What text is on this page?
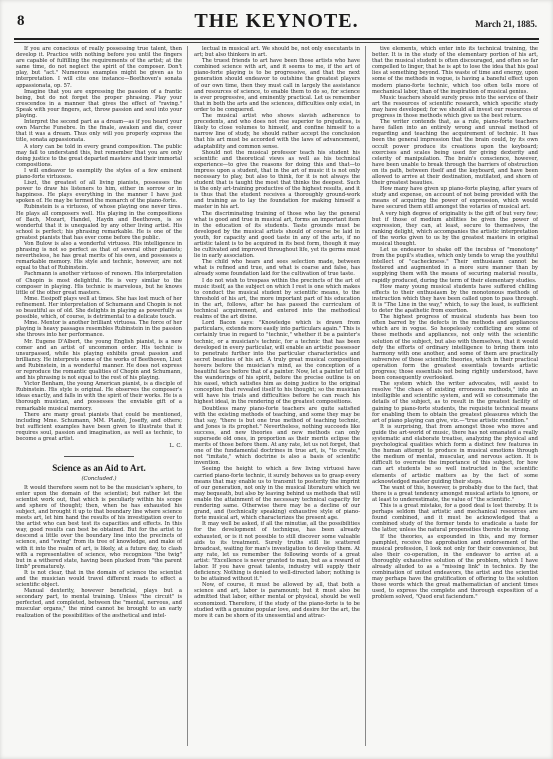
8	THE KEYNOTE.	March 21, 1885.

If you are conscious of really possessing true talent, then develop it. Practice with nothing before you until the fingers are capable of fulfilling the requirements of the artist; at the same time, do not neglect the spirit of the composer. Don't play, but "act." Numerous examples might be given as to interpretation. I will cite one instance—Beethoven's sonata appassionata, op. 57.

Imagine that you are expressing the passion of a frantic being, but do not forget the proper phrasing. Play your crescendos in a manner that gives the effect of "raving." Speak with your fingers, act, throw passion and soul into your playing.

Interpret the second part as a dream—as if you heard your own Marche Funebre. In the finale, awaken and die, cover that it was a dream. Thus only will you properly express the title, sonata appassionata.

A story can be told in every grand composition. The public may fail to understand this, but remember that you are only doing justice to the great departed masters and their immortal compositions.

I will endeavor to exemplify the styles of a few eminent piano-forte virtuosos.

Liszt, the greatest of all living pianists, possesses the power to draw his listeners to him, either in sorrow or in happiness. He plays everything in the manner I have just spoken of. He may be termed the monarch of the piano-forte.

Rubinstein is a virtuoso, of whose playing one never tires. He plays all composers well. His playing in the compositions of Bach, Mozart, Handel, Haydn and Beethoven, is so wonderful that it is unequaled by any other living artist. His school is perfect; his phrasing remarkable. He is one of the greatest pianists that has ever come before the public.

Von Bulow is also a wonderful virtuoso. His intelligence in phrasing is not so perfect as that of several other pianists; nevertheless, he has great merits of his own, and possesses a remarkable memory. His style and technic, however, are not equal to that of Rubinstein.

Pachmann is another virtuoso of renown. His interpretation of Chopin is most delightful. He is very similar to the composer in playing. His technic is marvelous, but he knows little of the other great masters.

Mme. Essipoff plays well at times. She has lost much of her refinement. Her interpretation of Schumann and Chopin is not so beautiful as of old. She delights in playing as powerfully as possible, which, of course, is detrimental to a delicate touch.

Mme. Mentor is another brilliant virtuosa. The force of her playing is heavy passages resembles Rubinstein in the passion she throws into her performance.

Mr. Eugene D'Albert, the young English pianist, is a new comer and an artist of uncommon order. His technic is unsurpassed, while his playing exhibits great passion and brilliancy. He interprets some of the works of Beethoven, Liszt and Rubinstein, in a wonderful manner. He does not express or reproduce the romantic qualities of Chopin and Schumann, and his phrasing is not equal to the rest of his playing.

Victor Benham, the young American pianist, is a disciple of Rubinstein. His style is original. He observes the composer's ideas exactly, and falls in with the spirit of their works. He is a thorough musician, and possesses the enviable gift of a remarkable musical memory.

There are many great pianists that could be mentioned, including Mme. Schumann, MM. Planté, Joseffy, and others; but sufficient examples have been given to illustrate that it requires soul, passion and imagination, as well as technic, to become a great artist.

L. C.
Science as an Aid to Art.
(Concluded.)

It would therefore seem not to be the musician's sphere, to enter upon the domain of the scientist; but rather let the scientist work out, that which is peculiarly within his scope and sphere of thought; then, when he has exhausted his subject, and brought it up to that boundary line where science meets art, let him hand the results of his investigation over to the artist who can best test its capacities and effects. In this way, good results can best be obtained. But for the artist to descend a little over the boundary line into the precincts of science, and "swing" from its tree of knowledge, and make of with it into the realm of art, is likely, at a future day, to clash with a representative of science, who recognizes "the twig" but in a withered state, having been plucked from "the parent limb" prematurely.

It is not clear, that in the domain of science the scientist and the musician would travel different roads to effect a scientific object.

Manual dexterity, however beneficial, plays but a secondary part, to mental training. Unless "the circuit" is perfected, and completed, between the "mental, nervous, and muscular organs," the mind cannot be brought to an early realization of the possibilities of the æsthetical and intel-

lectual in musical art. We should be, not only executants in art; but also thinkers in art.

The truest friends to art have been those artists who have combined science with art, and it seems to me, if the art of piano-forte playing is to be progressive, and that the next generation should endeavor to outshine the greatest players of our own time, then they must call in largely the assistance and resources of science, to enable them to do so, for science is ever progressive, and eminently practical. Let us remember that in both the arts and the sciences, difficulties only exist, in order to be conquered.

The musical artist who shows slavish adherence to precedents, and who does not rise superior to prejudices, is likely to close volumes to himself, and confine himself to a narrow line of study, he should rather accept the conclusion that his art must be accorded with the laws of advancement, adaptability and common sense.

Should not the musical professor teach his student his scientific and theoretical views as well as his technical experience—to give the reasons for doing this and that—to impress upon a student, that in the art of music it is not only necessary to play, but also to think, for it is not always the student that is taught the most that thinks the deepest. Such is the only art-training productive of the highest results, and it is thus that the student receives a thoroughly ground-work and training as to lay the foundation for making himself a master in his art.

The discriminating training of those who lay the general what is good and true in musical art, forms an important item in the education of its students. Taste grounds must be developed by the musical artists should of course be laid in youth, for capacity and good taste in any of the arts, if no artistic talent is to be acquired in its best form, though it may be cultivated and improved throughout life, yet its germs must lie in early association.

The child who hears and sees selection made, between what is refined and true, and what is coarse and false, has already some foundation laid for the cultivation of true taste.

I do not wish to trespass within the precincts of the art of music itself, as the subject on which I rest is one which makes to conduct the musical student by scientific means, to the threshold of his art, the more important part of his education in the art, follows, after he has passed the curriculum of technical acquirement, and entered into the methodical realms of the art divine.

Lord Bacon says: "Knowledge which is drawn from particulars, extends more easily into particulars again." This is certainly true in regard to "technic," whether it be a painter's technic, or a musician's technic, for a technic that has been developed in every particular, will enable an artistic possessor to penetrate further into the particular characteristics and secret beauties of his art. A truly great musical composition hovers before the musician's mind, as the conception of a beautiful face before that of a painter. Now, let a painter tell of the wanderings of his spirit, before the precise outline is on his easel, which satisfies him as doing justice to the original conception that revealed itself to his thought; so the musician will have his trials and difficulties before he can reach his highest ideal, in the rendering of the greatest compositions.

Doubtless many piano-forte teachers are quite satisfied with the existing methods of teaching, and some they may be that say, "there is but one true method of teaching technic, and Jones is its prophet." Nevertheless, nothing succeeds like success, and new theories and new methods can only supersede old ones, in proportion as their merits eclipse the merits of those before them. At any rate, let us not forget, that one of the fundamental doctrines in true art, is, "to create," not "imitate," which doctrine is also a basis of scientific invention.

Seeing the height to which a few living virtuosi have carried piano-forte technic, it surely behoves us to grasp every means that may enable us to transmit to posterity the imprint of our generation, not only in the musical literature which we may bequeath, but also by leaving behind us methods that will enable the attainment of the necessary technical capacity for rendering same. Otherwise there may be a decline of our grand, and (technically speaking) exhaustive style of piano-forte musical art, which characterizes the present age.

It may well be asked, if all the minutiæ, all the possibilities for the development of technique, has been already exhausted, or is it not possible to still discover some valuable aids to its treatment. Surely truths still lie scattered broadcast, waiting for man's investigation to develop them. At any rate, let us remember the following words of a great artist: "Excellence is never granted to man, but as a reward of labor. If you have great talents, industry will supply their deficiency. Nothing is denied to well-directed labor; nothing is to be attained without it."

Now, of course, it must be allowed by all, that both a science and art, labor is paramount; but it must also be admitted that labor, either mental or physical, should be well economized. Therefore, if the study of the piano-forte is to be studied with a genuine popular love, and desire for the art, the more it can be shorn of its unessential and attrac-

tive elements, which enter into its technical training, the better. It is in the study of the elementary portion of his art, that the musical student is often discouraged, and often so far compelled to linger, that he is apt to lose the idea that his goal lies at something beyond. This waste of time and energy, upon some of the methods in vogue, is having a baneful effect upon modern piano-forte technic, which too often tells more of mechanical labor, than of the inspiration of musical genius.

Music teachers should surely press into the service of their art the resources of scientific research, which specific study may have developed; for we should all invest our resources of progress in those methods which give us the best return.

The writer contends that, as a rule, piano-forte teachers have fallen into an entirely wrong and unreal method of regarding and teaching the acquirement of technic. It has been the general impression that the brain could, by its own occult power produce its creations upon the keyboard; exercises and scales being used for giving dexterity and celerity of manipulation. The brain's conscience, however, have been unable to break through the barriers of obstruction on its path, between itself and the keyboard, and have been allowed to arrive at their destination, mutilated, and shorn of their greatest beauties.

How many have given up piano-forte playing, after years of study and expense, on account of not being provided with the means of acquiring the power of expression, which would have secured them still amongst the votaries of musical art.

A very high degree of originality is the gift of but very few; but if those of medium abilities be given the power of expression, they can, at least, secure to themselves, the ranking delight, which accompanies the artistic interpretation of the works given to us by the greatest masters in original musical thought.

Let us endeavor to shake off the incubus of "monotony" from the pupil's studies, which only tends to wrap the youthful intellect of "cacheckness." Their enthusiasm cannot be fostered and augmented in a more sure manner than by supplying them with the means of securing material results, rapidly produced, during the term of their elementary studies.

How many young musical students have suffered chilling effects to their enthusiasm by the monotonous methods of instruction which they have been called upon to pass through. It is "The Line in the way," which, to say the least, is sufficient to deter the apathetic from exertion.

The highest progress of musical students has been too often barred by the defects in the methods and appliances which are in vogue. So heopelessly conflicting are some of these methods and appliances, not only with the scientific solution of the subject, but also with themselves, that it would defy the efforts of ordinary intelligence to bring them into harmony with one another, and some of them are practically subversive of those scientific theories, which in their practical operation form the greatest essentials towards artistic progress; those essentials not being rightly understood, have been consequently overlooked.

The system which the writer advocates, will assist to resolve "the chaos of existing erroneous methods," into an intelligible and scientific system, and will so consummate the details of the subject, as to result in the greatest facility of gaining to piano-forte students, the requisite technical means for enabling them to obtain the greatest pleasures which the art of piano playing can give, viz.—"true artistic rendition."

It is surprising, that from amongst those who move and guide the art-world of music, there has not emanated a really systematic and elaborate treatise, analyzing the physical and psychological qualities which form a distinct few features in the human attempt to produce in musical emotions through the medium of mental, muscular, and nervous action. It is difficult to overrate the importance of this subject, for how can art students be so well instructed in the scientific elements of artistic matters as by the fact of some acknowledged master guiding their steps.

The want of this, however, is probably due to the fact, that there is a great tendency amongst musical artists to ignore, or at least to underestimate, the value of "the scientific."

This is a great mistake, for a good deal is lost thereby. It is perhaps seldom that artistic and mechanical resources are found combined, and it must be acknowledged that a combined study of the former tends to eradicate a taste for the latter, unless the natural propensities thereto be strong.

If the theories, as expounded in this, and my former pamphlet, receive the approbation and endorsement of the musical profession, I look not only for their convenience, but also their co-operation, in the endeavor to arrive at a thoroughly exhaustive solution of the problem, which I have already alluded to as a "missing link" in technics. By the combination of united endeavors, the artist and the scientist may perhaps have the gratification of offering to the solution those words which the great mathematician of ancient times used, to express the complete and thorough exposition of a problem solved, "Quod erat faciendum."
